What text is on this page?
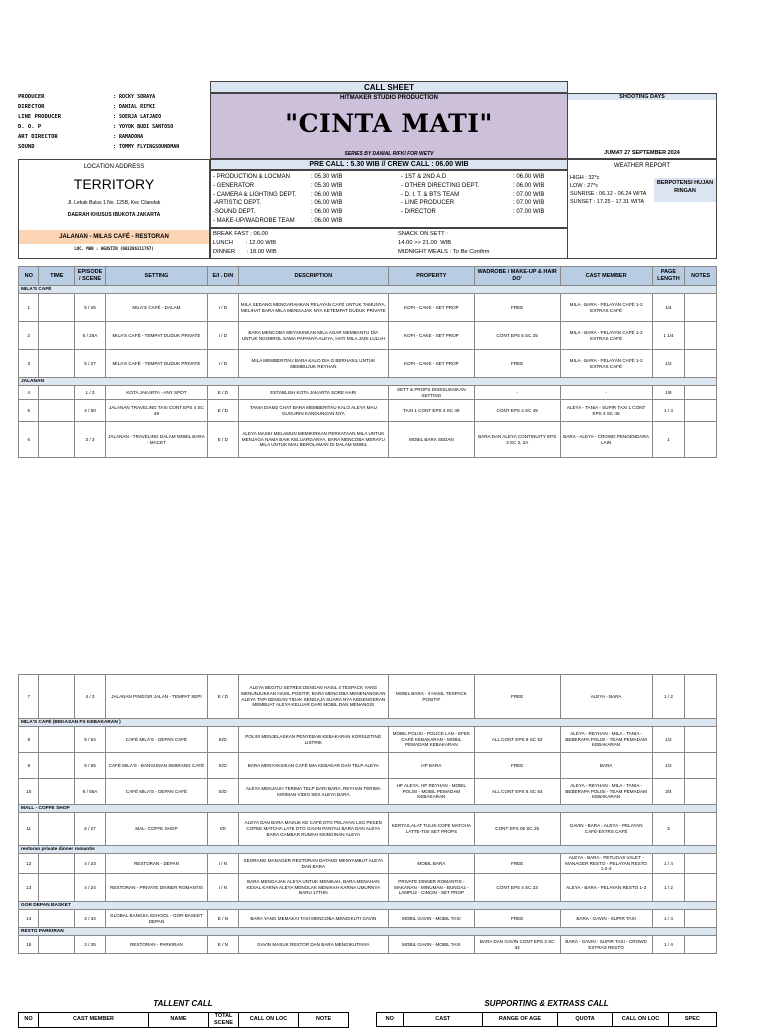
CALL SHEET
PRODUCER	: ROCKY SORAYA
DIRECTOR	: DANIAL RIFKI
LINE PRODUCER	: SOERJA LATJAEO
D. O. P	: YOYOK BUDI SANTOSO
ART DIRECTOR	: RAMADONA
SOUND	: TOMMY FLYINGSOUNDMAN
HITMAKER STUDIO PRODUCTION
"CINTA MATI"
SERIES BY DANIAL RIFKI FOR WETV
SHOOTING DAYS
JUMAT 27 SEPTEMBER 2024
PRE CALL : 5.30 WIB // CREW CALL : 06.00 WIB
LOCATION ADDRESS
TERRITORY
Jl. Lebak Bulus 1 No. 125B, Kec Cilandak
DAERAH KHUSUS IBUKOTA JAKARTA
JALANAN - MILAS CAFÉ - RESTORAN
LOC. MAN : AGUSTIN (082286111767)
- PRODUCTION & LOCMAN	: 05.30 WIB
- GENERATOR	: 05.30 WIB
- CAMERA & LIGHTING DEPT.	: 06.00 WIB
-ARTISTIC DEPT.	: 06.00 WIB
-SOUND DEPT.	: 06.00 WIB
- MAKE-UP/WADROBE TEAM	: 06.00 WIB
- 1ST & 2ND A.D	: 06.00 WIB
- OTHER DIRECTING DEPT.	: 06.00 WIB
- D. I. T. & BTS TEAM	: 07.00 WIB
- LINE PRODUCER	: 07.00 WIB
- DIRECTOR	: 07.00 WIB
BREAK FAST : 06.00
LUNCH        : 12.00 WIB
DINNER       : 18.00 WIB
SNACK ON SETT :
14.00 >> 21.00  WIB
MIDNIGHT MEALS : To Be Confirm
WEATHER REPORT
HIGH : 32*c
LOW : 27*c
SUNRISE : 06.12 - 06.24 WITA
SUNSET : 17.25 - 17.31 WITA
BERPOTENSI HUJAN RINGAN
NO	TIME	EPISODE / SCENE	SETTING	E/I . D/N	DESCRIPTION	PROPERTY	WADROBE / MAKE-UP & HAIR DO'	CAST MEMBER	PAGE LENGTH	NOTES
MILA'S CAFÉ										
1		5 / 25	MILA'S CAFÉ - DALAM	I / D	MILA SEDANG MENGARAHKAN PELAYAN CAFÉ UNTUK TAMUNYA, MELIHAT BARA MILA MENGAJAK NYA KETEMPAT DUDUK PRIVATE	KOPI - CAKE - SET PROP	FREE	MILA - BARA - PELAYAN CAFÉ 1-2 EXTRAS CAFÉ	1/4	
2		5 / 25A	MILA'S CAFÉ - TEMPAT DUDUK PRIVATE	I / D	BARA MENCOBA MEYAKINKAN MILA AGAR MEMBANTU DIA UNTUK NGOBROL SAMA PAPANYA ALEYA, HATI MILA JADI LULUH	KOPI - CAKE - SET PROP	CONT EPS 5 SC 25	MILA - BARA - PELAYAN CAFÉ 1-2 EXTRAS CAFÉ	1 1/4	
3		5 / 27	MILA'S CAFÉ - TEMPAT DUDUK PRIVATE	I / D	MILA MEMBERITAU BARA KALO DIA G BERHASIL UNTUK MEMBUJUK REYHAN	KOPI - CAKE - SET PROP	FREE	MILA - BARA - PELAYAN CAFÉ 1-2 EXTRAS CAFÉ	1/2	
JALANAN										
4		1 / 3	KOTA JAKARTA - ANY SPOT	E / D	ESTABLISH KOTA JAKARTA SORE HARI	SETT & PROPS DISESUSAIKAN SETTING	-	-	1/8	
5		4 / 50	JALANAN TRAVELING TAXI CONT EPS 4 SC 49	E / D	TANIA DIAM2 CHAT BARA MEMBERITAU KALO ALEYA MAU GUGURIN KANDUNGAN NYA	TAXI 1 CONT EPS 4 SC 49	CONT EPS 4 SC 49	ALEYA - TANIA - SUPIR TAXI 1 CONT EPS 4 SC 49	1 / 4	
6		3 / 3	JALANAN - TRAVELING DALAM MOBIL BARA - MACET	E / D	ALEYA MASIH MELAMUN MEMIKIRKAN PERKATAAN MILA UNTUK MENJAGA NAMA BAIK KELUARGANYA, BARA MENCOBA MERAYU MILA UNTUK MAU BEROLAMAN DI DALAM MOBIL	MOBIL BARA SEDAN	BARA DAN ALEYA CONTINUITY EPS 3 SC 2, 2A	BARA - ALEYA - CROWD PENGENDARA LAIN	1	
7		4 / 3	JALANAN PINGGIR JALAN - TEMPAT SEPI	E / D	ALEYA BEGITU SETRES DENGAN HASIL 4 TESPACK YANG MENUNJUKKAN HASIL POSITIF, BARA MENCOBA MENENANGKAN ALEYA TAPI DENGAN TIDAK SENGAJA SUARA NYA KEDENGERAN MEMBUAT ALEYA KELUAR DARI MOBIL DAN MENANGIS	MOBIL BARA - 4 HASIL TESPACK POSITIF	FREE	ALEYA - BARA	1 / 2	
MILA'S CAFÉ (BEKASAN FX KEBAKARAN )										
8		8 / 54	CAFÉ MILA'S - DEPAN CAFÉ	E/D	POLISI MENJELASKAN PENYEBAB KEBAKARAN KORSLETING LISTRIK	MOBIL POLISI - POLICE LAN - EFEK CAFÉ KEBAKARAN - MOBIL PEMADAM KEBAKARAN	ALL CONT EPS 8 SC 53	ALEYA - REYHAN - MILA - TANIA - BEBERAPA POLISI - TEAM PEMADAM KEBAKARAN	1/2	
9		8 / 55	CAFÉ MILA'S - BANGUNAN SEBRANG CAFÉ	E/D	BARA MENYAKSIKAN CAFÉ MIA KEBAKAR DAN TELP ALEYA	HP BARA	FREE	BARA	1/2	
10		8 / 55A	CAFÉ MILA'S - DEPAN CAFÉ	E/D	ALEYA MENJAUH TERIMA TELP DARI BARA, REYHAN TERIMA KIRIMAN VIDIO SEX ALEYA BARA	HP ALEYA, HP REYHAN - MOBIL POLISI - MOBIL PEMADAM KEBAKARAN	ALL CONT EPS 8 SC 54	ALEYA - REYHAN - MILA - TANIA - BEBERAPA POLISI - TEAM PEMADAM KEBAKARAN	3/4	
MALL - COFFE SHOP										
11		6 / 27	MAL- COFFE SHOP	I/D	ALEYA DAN BARA MASUK KE CAFÉ DTG PELAYAN LSG PESEN COFEE MATCHA LATE DTG GAVIN PANTAU BARA DAN ALEYA BARA GAMBAR RUMAH KEINGINAN ALEYA	KERTAS,ALAT TULIS-COFE MATCHA LATTE-TISI SET PROPS	CONT EPS 06 SC 26	GAVIN - BARA - ALEYA - PELAYAN CAFÉ-EXTRS CAFÉ	3	
restoran private dinner romantis										
12		4 / 23	RESTORAN - DEPAN	I / N	SEORANG MANAGER RESTORAN DATANG MENYAMBUT ALEYA DAN BARA	MOBIL BARA	FREE	ALEYA - BARA - PETUGAS VALET - MANAGER RESTO - PELAYAN RESTO 1-2-3	1 / 4	
13		4 / 24	RESTORAN - PRIVATE DINNER ROMANTIS	I / N	BARA MENGAJAK ALEYA UNTUK MENIKAH, BARA MENAHAN KESAL KARNA ALEYA MENOLAK MENIKAH KARNA UMURNYA BARU 17THN	PRIVATE DINNER ROMANTIS - MAKANAN - MINUMAN - BUNGA2 - LAMPU2 - CINCIN - SET PROP	CONT EPS 4 SC 23	ALEYA - BARA - PELAYAN RESTO 1-2	1 / 2	
GOR DEPAN BASKET										
14		3 / 34	GLOBAL BANGSA SCHOOL - GOR BASKET DEPAN	E / N	BARA YANG MEMAKAI TAXI MENCOBA MENGIKUTI GAVIN	MOBIL GAVIN - MOBIL TAXI	FREE	BARA - GAVIN - SUPIR TAXI	1 / 4	
RESTO PARKIRAN										
15		3 / 35	RESTORAN - PARKIRAN	E / N	GAVIN MASUK RESTOR DAN BARA MENGIKUTINYA	MOBIL GAVIN - MOBIL TAXI	BARA DAN GAVIN CONT EPS 3 SC 34	BARA - GAVIN - SUPIR TAXI - CROWD EXTRAS RESTO	1 / 4	
TALLENT CALL
NO	CAST MEMBER	NAME	TOTAL SCENE	CALL ON LOC	NOTE
SUPPORTING & EXTRASS CALL
NO	CAST	RANGE OF AGE	QUOTA	CALL ON LOC	SPEC
